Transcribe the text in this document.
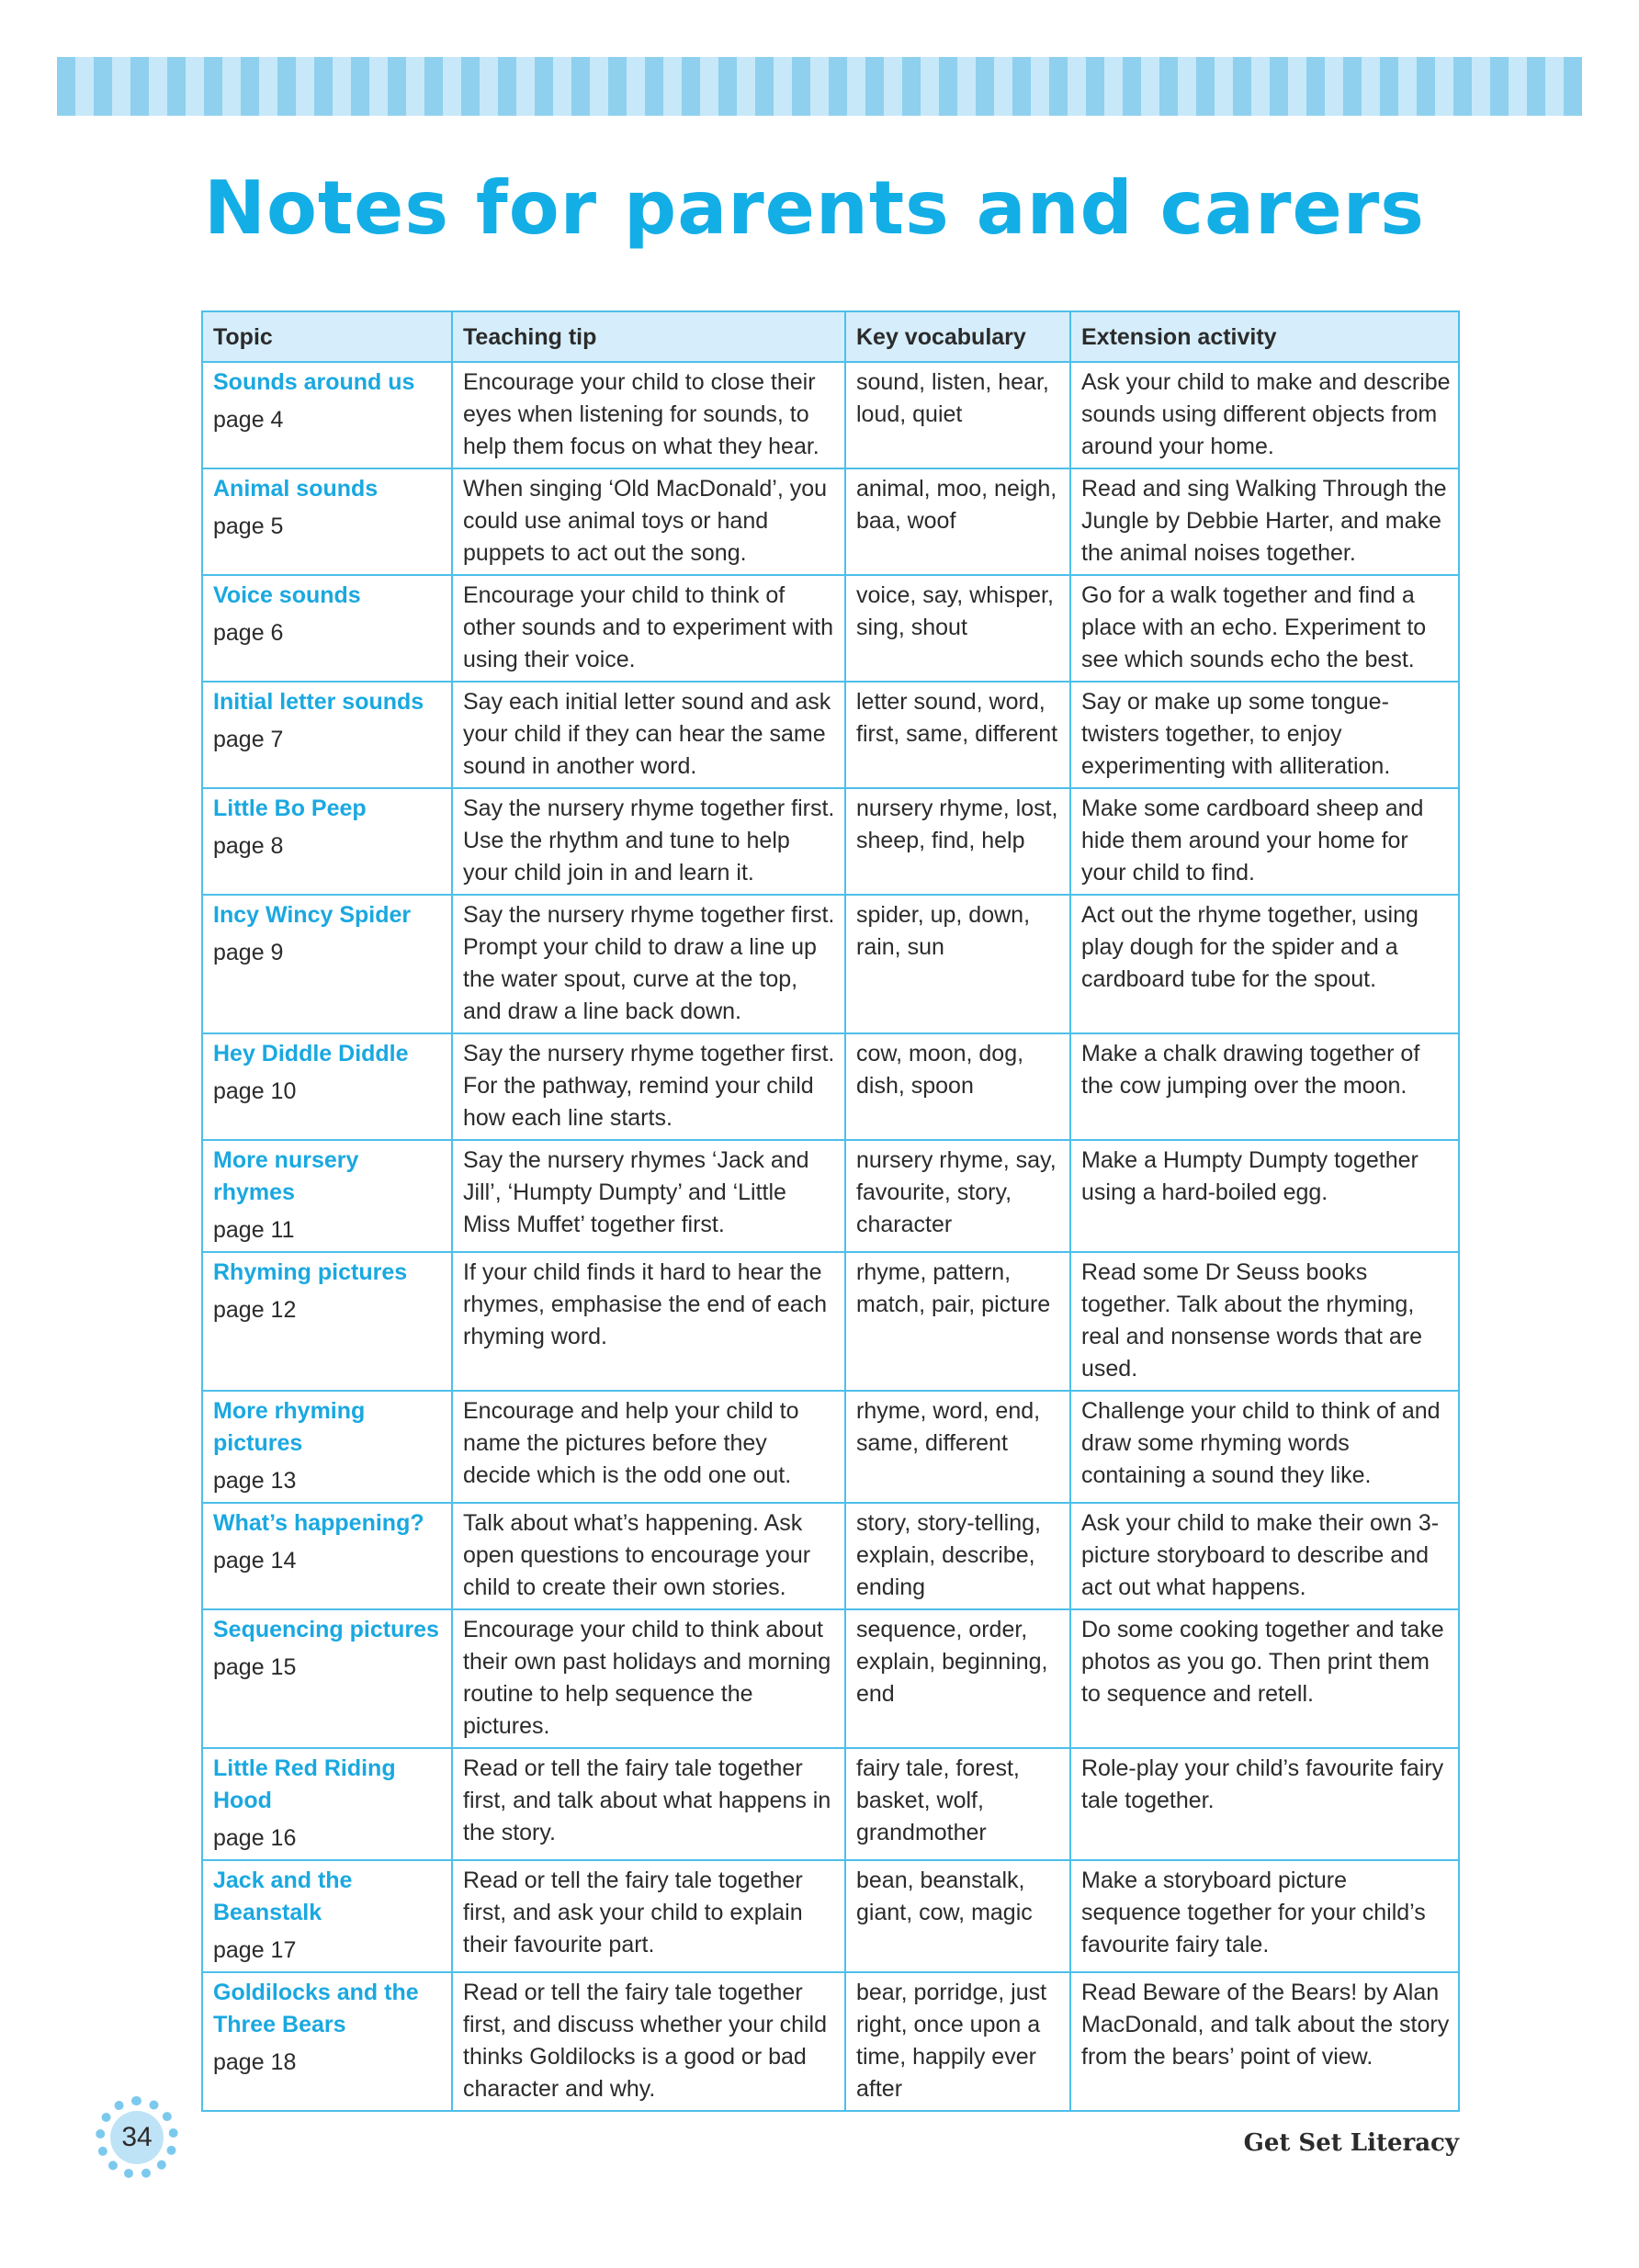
Notes for parents and carers
Topic	Teaching tip	Key vocabulary	Extension activity

Sounds around us
page 4	Encourage your child to close their eyes when listening for sounds, to help them focus on what they hear.	sound, listen, hear, loud, quiet	Ask your child to make and describe sounds using different objects from around your home.

Animal sounds
page 5	When singing ‘Old MacDonald’, you could use animal toys or hand puppets to act out the song.	animal, moo, neigh, baa, woof	Read and sing Walking Through the Jungle by Debbie Harter, and make the animal noises together.

Voice sounds
page 6	Encourage your child to think of other sounds and to experiment with using their voice.	voice, say, whisper, sing, shout	Go for a walk together and find a place with an echo. Experiment to see which sounds echo the best.

Initial letter sounds
page 7	Say each initial letter sound and ask your child if they can hear the same sound in another word.	letter sound, word, first, same, different	Say or make up some tongue-twisters together, to enjoy experimenting with alliteration.

Little Bo Peep
page 8	Say the nursery rhyme together first. Use the rhythm and tune to help your child join in and learn it.	nursery rhyme, lost, sheep, find, help	Make some cardboard sheep and hide them around your home for your child to find.

Incy Wincy Spider
page 9	Say the nursery rhyme together first. Prompt your child to draw a line up the water spout, curve at the top, and draw a line back down.	spider, up, down, rain, sun	Act out the rhyme together, using play dough for the spider and a cardboard tube for the spout.

Hey Diddle Diddle
page 10	Say the nursery rhyme together first. For the pathway, remind your child how each line starts.	cow, moon, dog, dish, spoon	Make a chalk drawing together of the cow jumping over the moon.

More nursery rhymes
page 11	Say the nursery rhymes ‘Jack and Jill’, ‘Humpty Dumpty’ and ‘Little Miss Muffet’ together first.	nursery rhyme, say, favourite, story, character	Make a Humpty Dumpty together using a hard-boiled egg.

Rhyming pictures
page 12	If your child finds it hard to hear the rhymes, emphasise the end of each rhyming word.	rhyme, pattern, match, pair, picture	Read some Dr Seuss books together. Talk about the rhyming, real and nonsense words that are used.

More rhyming pictures
page 13	Encourage and help your child to name the pictures before they decide which is the odd one out.	rhyme, word, end, same, different	Challenge your child to think of and draw some rhyming words containing a sound they like.

What’s happening?
page 14	Talk about what’s happening. Ask open questions to encourage your child to create their own stories.	story, story-telling, explain, describe, ending	Ask your child to make their own 3-picture storyboard to describe and act out what happens.

Sequencing pictures
page 15	Encourage your child to think about their own past holidays and morning routine to help sequence the pictures.	sequence, order, explain, beginning, end	Do some cooking together and take photos as you go. Then print them to sequence and retell.

Little Red Riding Hood
page 16	Read or tell the fairy tale together first, and talk about what happens in the story.	fairy tale, forest, basket, wolf, grandmother	Role-play your child’s favourite fairy tale together.

Jack and the Beanstalk
page 17	Read or tell the fairy tale together first, and ask your child to explain their favourite part.	bean, beanstalk, giant, cow, magic	Make a storyboard picture sequence together for your child’s favourite fairy tale.

Goldilocks and the Three Bears
page 18	Read or tell the fairy tale together first, and discuss whether your child thinks Goldilocks is a good or bad character and why.	bear, porridge, just right, once upon a time, happily ever after	Read Beware of the Bears! by Alan MacDonald, and talk about the story from the bears’ point of view.
34	Get Set Literacy
